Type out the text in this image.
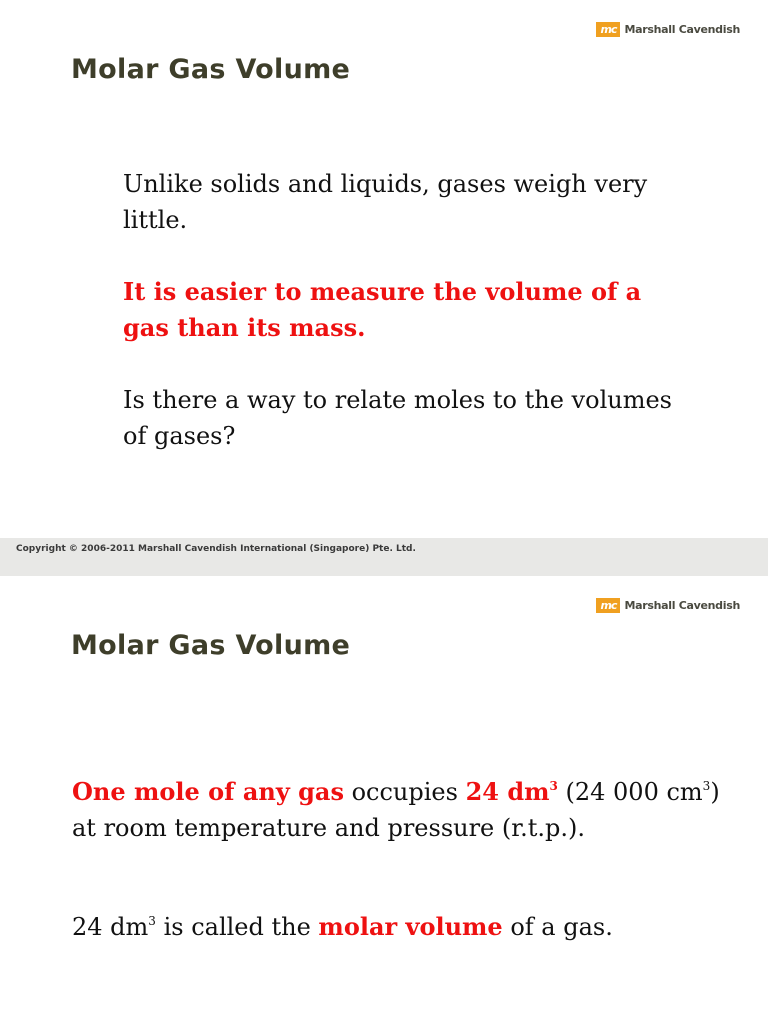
mc Marshall Cavendish
Molar Gas Volume
Unlike solids and liquids, gases weigh very little.
It is easier to measure the volume of a gas than its mass.
Is there a way to relate moles to the volumes of gases?
Copyright © 2006-2011 Marshall Cavendish International (Singapore) Pte. Ltd.
mc Marshall Cavendish
Molar Gas Volume
One mole of any gas occupies 24 $dm^3$ (24 000 $cm^3$)
at room temperature and pressure (r.t.p.).
24 $dm^3$ is called the molar volume of a gas.
